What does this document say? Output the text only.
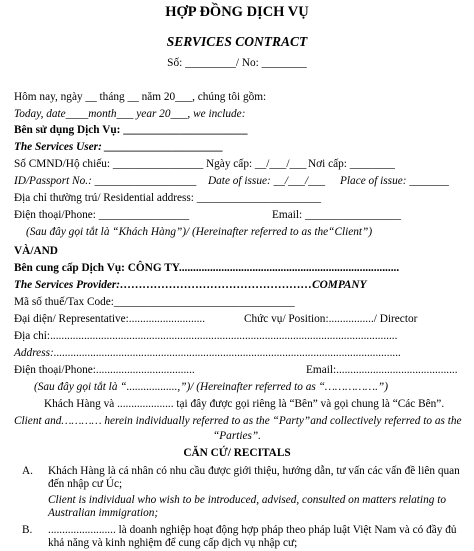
HỢP ĐỒNG DỊCH VỤ
SERVICES CONTRACT
Số: _________/ No: ________
Hôm nay, ngày __ tháng __ năm 20___, chúng tôi gồm:
Today, date____month___ year 20___, we include:
Bên sử dụng Dịch Vụ: ______________________
The Services User: _____________________
Số CMND/Hộ chiếu: ________________ Ngày cấp: __/___/___ Nơi cấp: ________
ID/Passport No.: __________________ Date of issue: __/___/___ Place of issue: _______
Địa chỉ thường trú/ Residential address: ______________________
Điện thoại/Phone: ________________	Email: _________________
(Sau đây gọi tắt là “Khách Hàng”)/ (Hereinafter referred to as the“Client”)
VÀ/AND
Bên cung cấp Dịch Vụ: CÔNG TY..............................................................................
The Services Provider:……………………………………………COMPANY
Mã số thuế/Tax Code:________________________________
Đại diện/ Representative:...........................	Chức vụ/ Position:................/ Director
Địa chỉ:...........................................................................................................................
Address:...........................................................................................................................
Điện thoại/Phone:...................................	Email:...........................................
(Sau đây gọi tắt là “..................,”)/ (Hereinafter referred to as “…………….”)
Khách Hàng và .................... tại đây được gọi riêng là “Bên” và gọi chung là “Các Bên”.
Client and………… herein individually referred to as the “Party”and collectively referred to as the
“Parties”.
CĂN CỨ/ RECITALS
A. Khách Hàng là cá nhân có nhu cầu được giới thiệu, hướng dẫn, tư vấn các vấn đề liên quan đến nhập cư Úc;
Client is individual who wish to be introduced, advised, consulted on matters relating to Australian immigration;
B. ........................ là doanh nghiệp hoạt động hợp pháp theo pháp luật Việt Nam và có đầy đủ khả năng và kinh nghiệm để cung cấp dịch vụ nhập cư;
